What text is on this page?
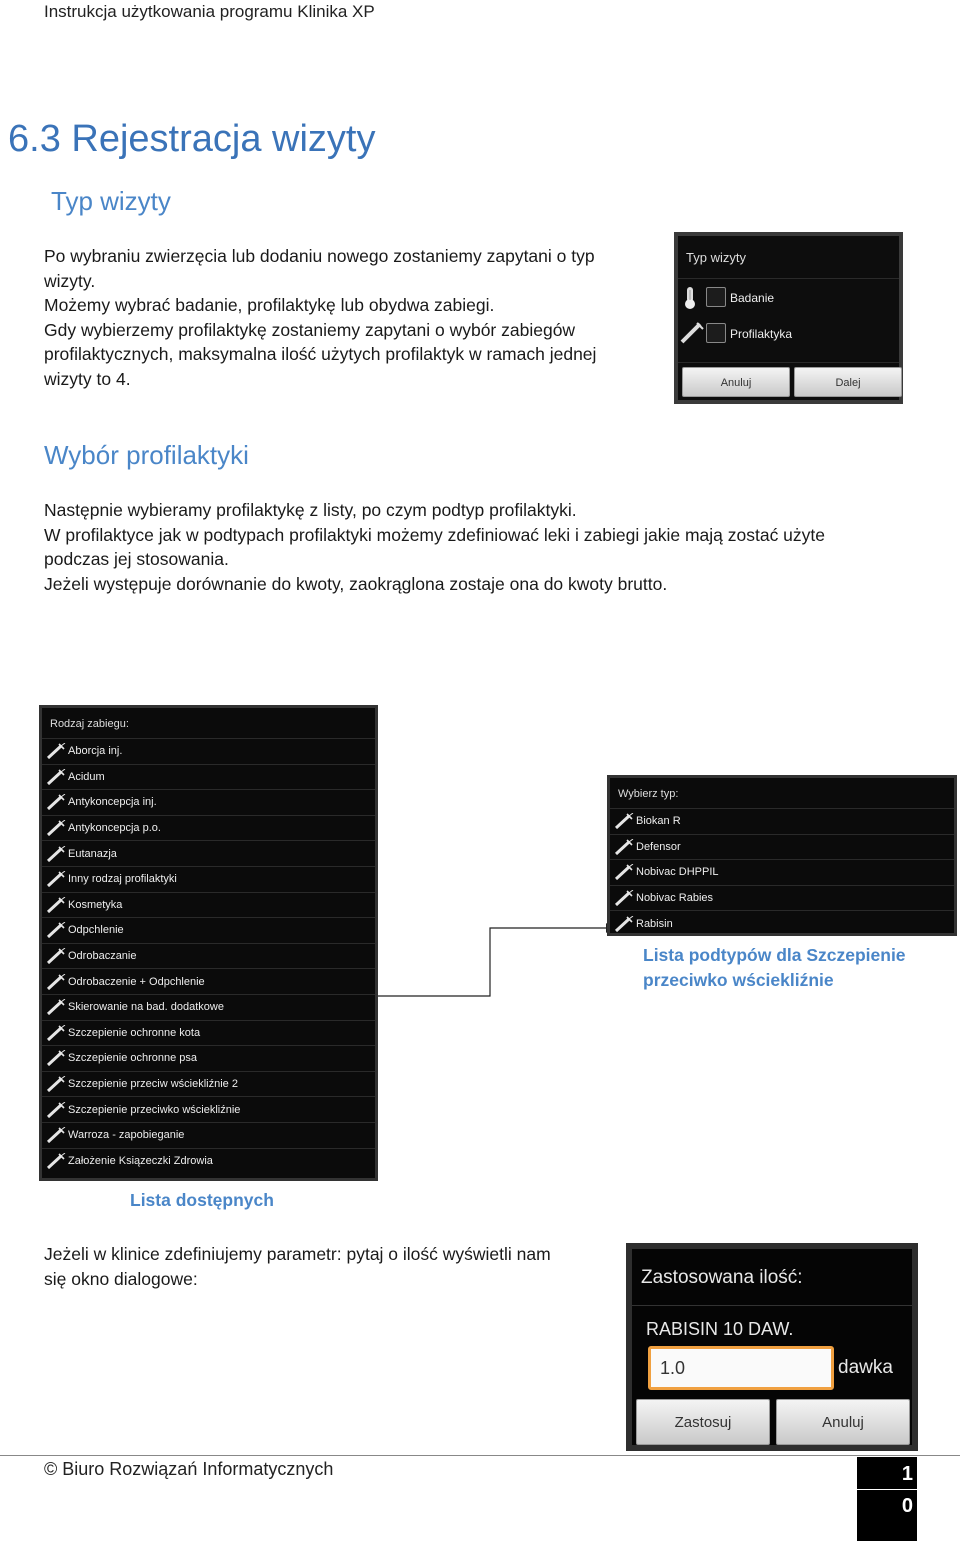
Instrukcja użytkowania programu Klinika XP
6.3 Rejestracja wizyty
Typ wizyty
Po wybraniu zwierzęcia lub dodaniu nowego zostaniemy zapytani o typ
wizyty.
Możemy wybrać badanie, profilaktykę lub obydwa zabiegi.
Gdy wybierzemy profilaktykę zostaniemy zapytani o wybór zabiegów
profilaktycznych, maksymalna ilość użytych profilaktyk w ramach jednej
wizyty to 4.
Typ wizyty
Badanie
Profilaktyka
Anuluj	Dalej
Wybór profilaktyki
Następnie wybieramy profilaktykę z listy, po czym podtyp profilaktyki.
W profilaktyce jak w podtypach profilaktyki możemy zdefiniować leki i zabiegi jakie mają zostać użyte
podczas jej stosowania.
Jeżeli występuje dorównanie do kwoty, zaokrąglona zostaje ona do kwoty brutto.
Rodzaj zabiegu:
Aborcja inj.
Acidum
Antykoncepcja inj.
Antykoncepcja p.o.
Eutanazja
Inny rodzaj profilaktyki
Kosmetyka
Odpchlenie
Odrobaczanie
Odrobaczenie + Odpchlenie
Skierowanie na bad. dodatkowe
Szczepienie ochronne kota
Szczepienie ochronne psa
Szczepienie przeciw wściekliźnie 2
Szczepienie przeciwko wściekliźnie
Warroza - zapobieganie
Założenie Ksiązeczki Zdrowia
Lista dostępnych
Wybierz typ:
Biokan R
Defensor
Nobivac DHPPIL
Nobivac Rabies
Rabisin
Lista podtypów dla Szczepienie
przeciwko wściekliźnie
Jeżeli w klinice zdefiniujemy parametr: pytaj o ilość wyświetli nam
się okno dialogowe:	Zastosowana ilość:
RABISIN 10 DAW.
1.0
dawka
Zastosuj	Anuluj
© Biuro Rozwiązań Informatycznych	1
0
